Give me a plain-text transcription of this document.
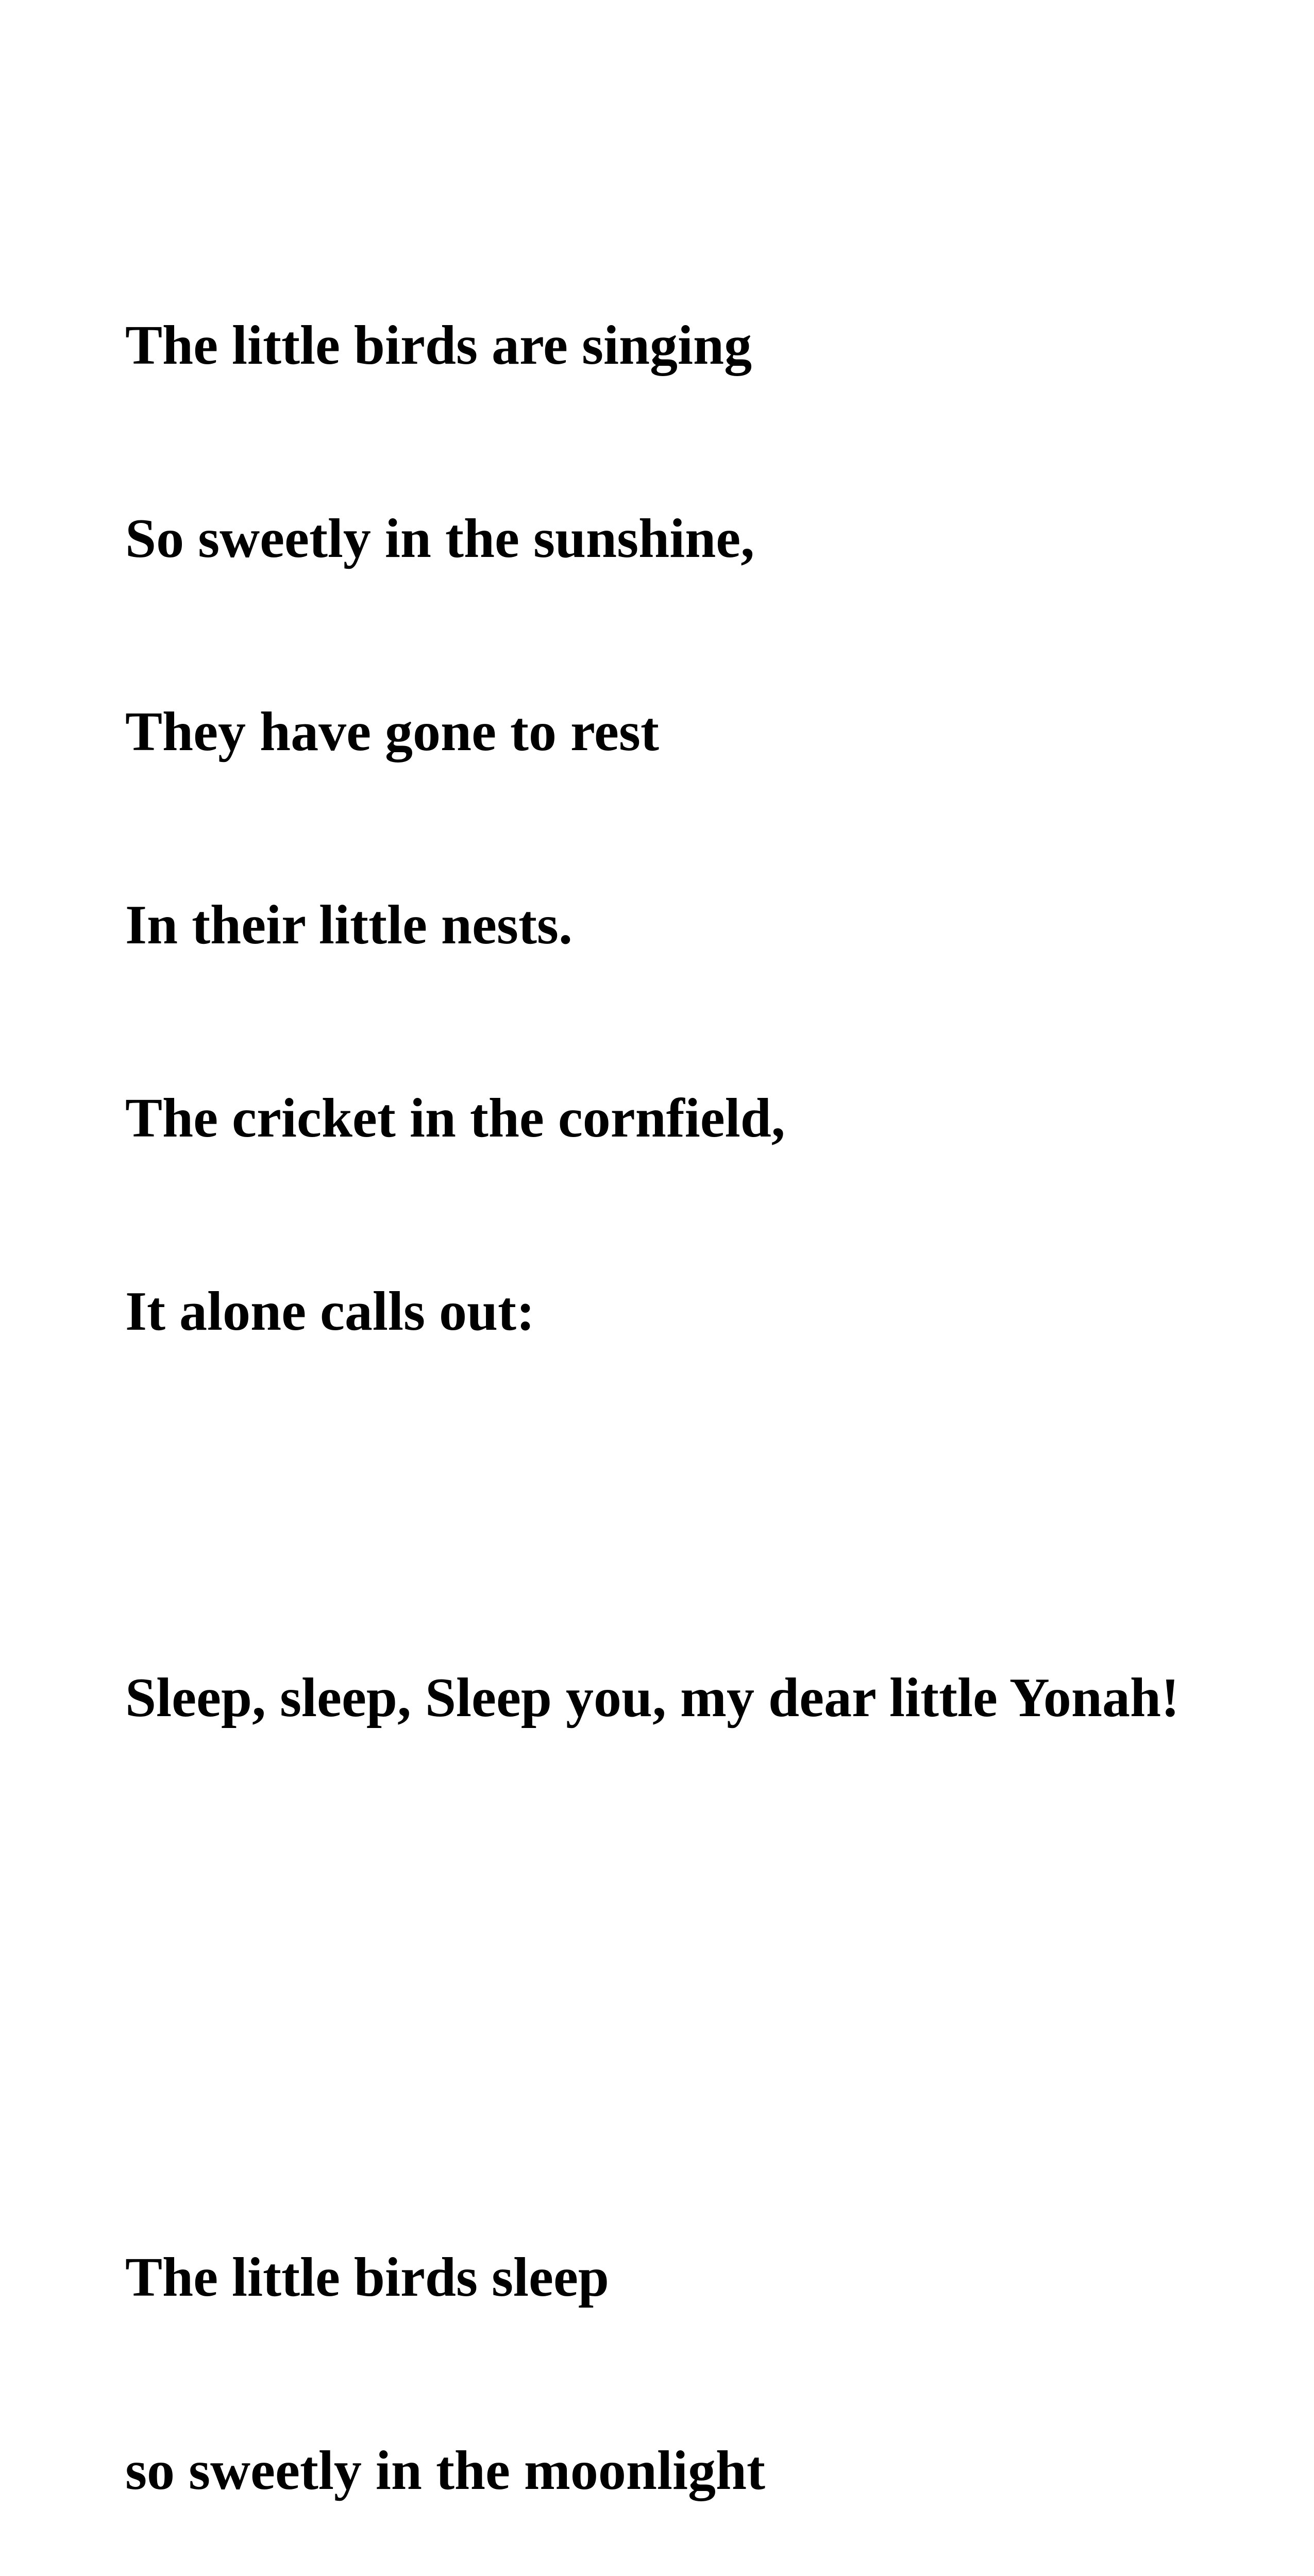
The little birds are singing

So sweetly in the sunshine,

They have gone to rest

In their little nests.

The cricket in the cornfield,

It alone calls out:

Sleep, sleep, Sleep you, my dear little Yonah!

The little birds sleep

so sweetly in the moonlight
